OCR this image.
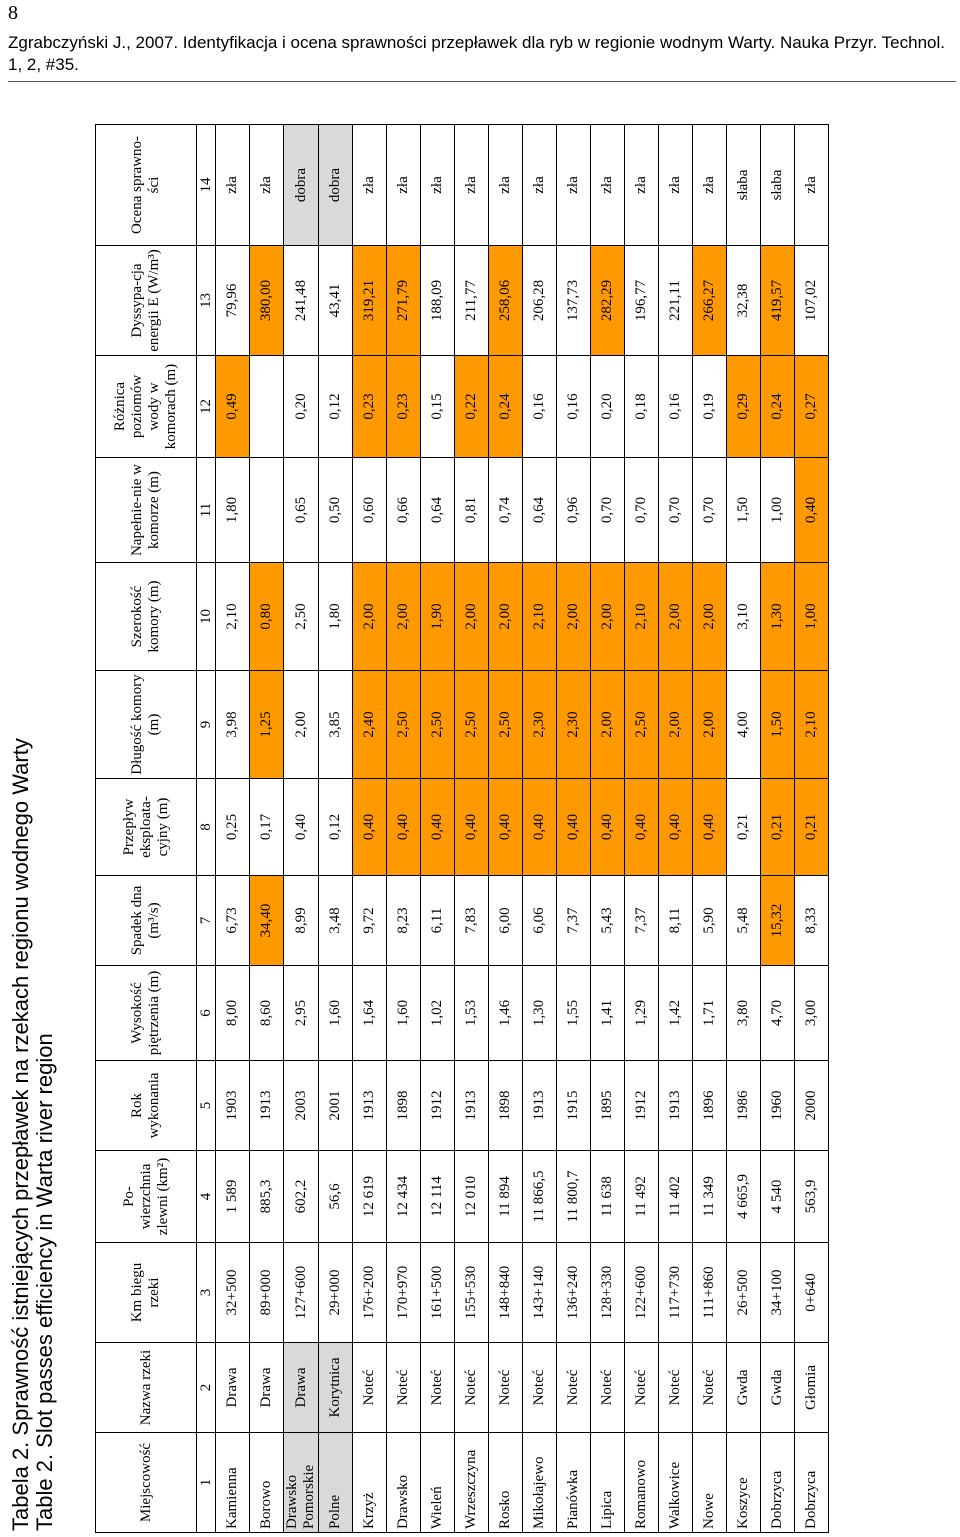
8
Zgrabczyński J., 2007. Identyfikacja i ocena sprawności przepławek dla ryb w regionie wodnym Warty. Nauka Przyr. Technol. 1, 2, #35.
Tabela 2. Sprawność istniejących przepławek na rzekach regionu wodnego Warty Table 2. Slot passes efficiency in Warta river region	Miejscowość	Nazwa rzeki	Km biegu rzeki	Po-wierzchnia zlewni (km²)	Rok wykonania	Wysokość piętrzenia (m)	Spadek dna (m³/s)	Przepływ eksploata-cyjny (m)	Długość komory (m)	Szerokość komory (m)	Napełnie-nie w komorze (m)	Różnica poziomów wody w komorach (m)	Dyssypa-cja energii E (W/m³)	Ocena sprawno-ści
1	2	3	4	5	6	7	8	9	10	11	12	13	14
Kamienna	Drawa	32+500	1 589	1903	8,00	6,73	0,25	3,98	2,10	1,80	0,49	79,96	zła
Borowo	Drawa	89+000	885,3	1913	8,60	34,40	0,17	1,25	0,80			380,00	zła
Drawsko Pomorskie	Drawa	127+600	602,2	2003	2,95	8,99	0,40	2,00	2,50	0,65	0,20	241,48	dobra
Polne	Korytnica	29+000	56,6	2001	1,60	3,48	0,12	3,85	1,80	0,50	0,12	43,41	dobra
Krzyż	Noteć	176+200	12 619	1913	1,64	9,72	0,40	2,40	2,00	0,60	0,23	319,21	zła
Drawsko	Noteć	170+970	12 434	1898	1,60	8,23	0,40	2,50	2,00	0,66	0,23	271,79	zła
Wieleń	Noteć	161+500	12 114	1912	1,02	6,11	0,40	2,50	1,90	0,64	0,15	188,09	zła
Wrzeszczyna	Noteć	155+530	12 010	1913	1,53	7,83	0,40	2,50	2,00	0,81	0,22	211,77	zła
Rosko	Noteć	148+840	11 894	1898	1,46	6,00	0,40	2,50	2,00	0,74	0,24	258,06	zła
Mikołajewo	Noteć	143+140	11 866,5	1913	1,30	6,06	0,40	2,30	2,10	0,64	0,16	206,28	zła
Pianówka	Noteć	136+240	11 800,7	1915	1,55	7,37	0,40	2,30	2,00	0,96	0,16	137,73	zła
Lipica	Noteć	128+330	11 638	1895	1,41	5,43	0,40	2,00	2,00	0,70	0,20	282,29	zła
Romanowo	Noteć	122+600	11 492	1912	1,29	7,37	0,40	2,50	2,10	0,70	0,18	196,77	zła
Walkowice	Noteć	117+730	11 402	1913	1,42	8,11	0,40	2,00	2,00	0,70	0,16	221,11	zła
Nowe	Noteć	111+860	11 349	1896	1,71	5,90	0,40	2,00	2,00	0,70	0,19	266,27	zła
Koszyce	Gwda	26+500	4 665,9	1986	3,80	5,48	0,21	4,00	3,10	1,50	0,29	32,38	słaba
Dobrzyca	Gwda	34+100	4 540	1960	4,70	15,32	0,21	1,50	1,30	1,00	0,24	419,57	słaba
Dobrzyca	Głomia	0+640	563,9	2000	3,00	8,33	0,21	2,10	1,00	0,40	0,27	107,02	zła
